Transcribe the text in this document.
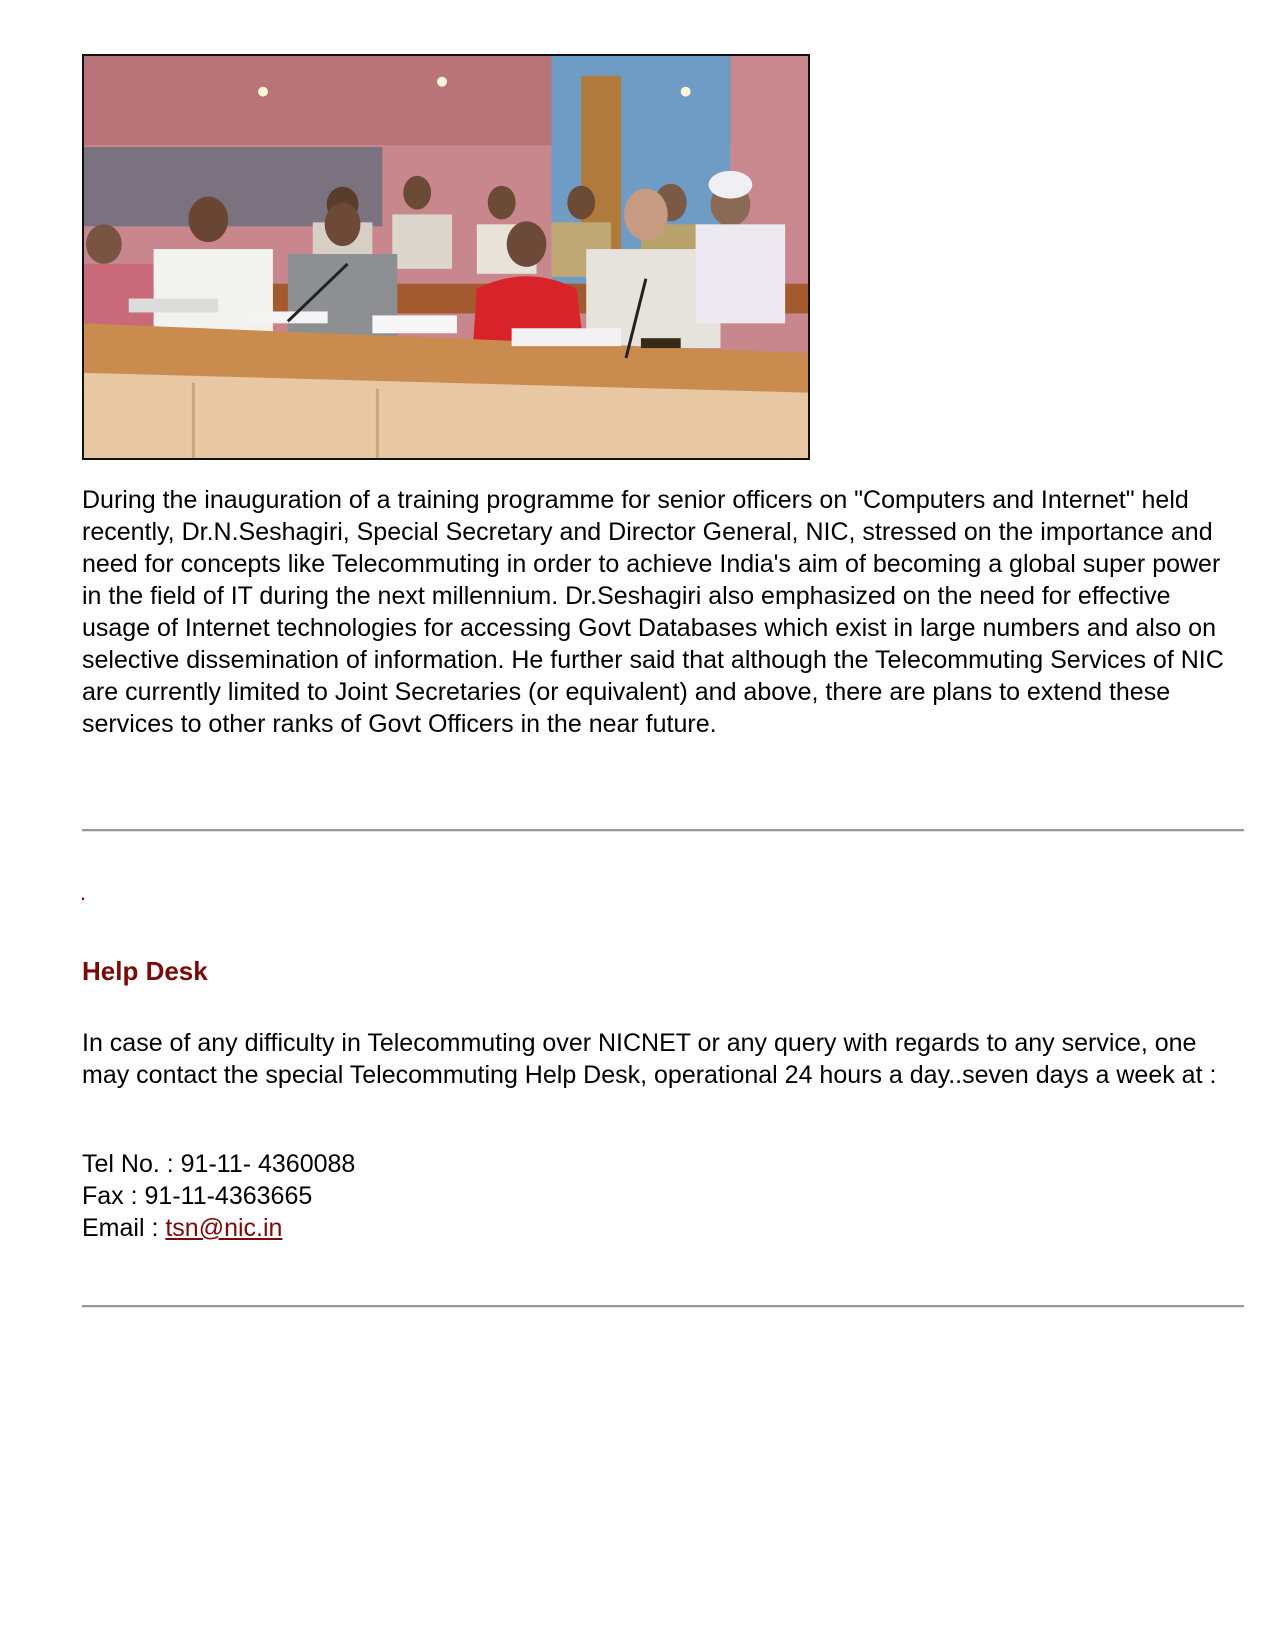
During the inauguration of a training programme for senior officers on "Computers and Internet" held recently, Dr.N.Seshagiri, Special Secretary and Director General, NIC, stressed on the importance and need for concepts like Telecommuting in order to achieve India's aim of becoming a global super power in the field of IT during the next millennium. Dr.Seshagiri also emphasized on the need for effective usage of Internet technologies for accessing Govt Databases which exist in large numbers and also on selective dissemination of information. He further said that although the Telecommuting Services of NIC are currently limited to Joint Secretaries (or equivalent) and above, there are plans to extend these services to other ranks of Govt Officers in the near future.

.
Help Desk

In case of any difficulty in Telecommuting over NICNET or any query with regards to any service, one may contact the special Telecommuting Help Desk, operational 24 hours a day..seven days a week at :

Tel No. : 91-11- 4360088
Fax : 91-11-4363665
Email : tsn@nic.in
